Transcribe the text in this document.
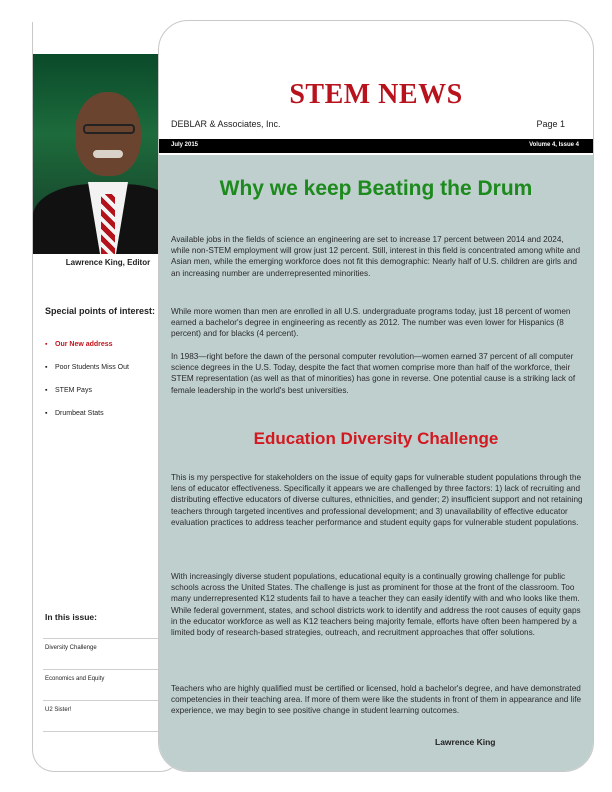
Lawrence King, Editor
Special points of interest:
▪ Our New address
▪ Poor Students Miss Out
▪ STEM Pays
▪ Drumbeat Stats
In this issue:
Diversity Challenge
Economics and Equity
U2 Sister!
STEM NEWS
DEBLAR & Associates, Inc.	Page 1
July 2015	Volume 4, Issue 4
Why we keep Beating the Drum

Available jobs in the fields of science an engineering are set to increase 17 percent between 2014 and 2024, while non-STEM employment will grow just 12 percent. Still, interest in this field is concentrated among white and Asian men, while the emerging workforce does not fit this demographic: Nearly half of U.S. children are girls and an increasing number are underrepresented minorities.

While more women than men are enrolled in all U.S. undergraduate programs today, just 18 percent of women earned a bachelor's degree in engineering as recently as 2012. The number was even lower for Hispanics (8 percent) and for blacks (4 percent).

In 1983—right before the dawn of the personal computer revolution—women earned 37 percent of all computer science degrees in the U.S. Today, despite the fact that women comprise more than half of the workforce, their STEM representation (as well as that of minorities) has gone in reverse. One potential cause is a striking lack of female leadership in the world's best universities.

Education Diversity Challenge

This is my perspective for stakeholders on the issue of equity gaps for vulnerable student populations through the lens of educator effectiveness. Specifically it appears we are challenged by three factors: 1) lack of recruiting and distributing effective educators of diverse cultures, ethnicities, and gender; 2) insufficient support and not retaining teachers through targeted incentives and professional development; and 3) unavailability of effective educator evaluation practices to address teacher performance and student equity gaps for vulnerable student populations.

With increasingly diverse student populations, educational equity is a continually growing challenge for public schools across the United States. The challenge is just as prominent for those at the front of the classroom. Too many underrepresented K12 students fail to have a teacher they can easily identify with and who looks like them. While federal government, states, and school districts work to identify and address the root causes of equity gaps in the educator workforce as well as K12 teachers being majority female, efforts have often been hampered by a limited body of research-based strategies, outreach, and recruitment approaches that offer solutions.

Teachers who are highly qualified must be certified or licensed, hold a bachelor's degree, and have demonstrated competencies in their teaching area. If more of them were like the students in front of them in appearance and life experience, we may begin to see positive change in student learning outcomes.

Lawrence King
